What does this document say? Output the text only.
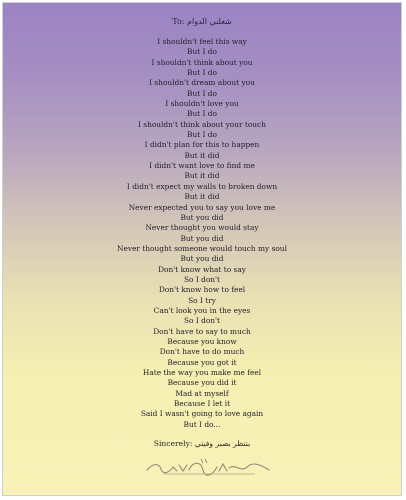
To: شغلني الدوام
I shouldn't feel this way
But I do
I shouldn't think about you
But I do
I shouldn't dream about you
But I do
I shouldn't love you
But I do
I shouldn't think about your touch
But I do
I didn't plan for this to happen
But it did
I didn't want love to find me
But it did
I didn't expect my walls to broken down
But it did
Never expected you to say you love me
But you did
Never thought you would stay
But you did
Never thought someone would touch my soul
But you did
Don't know what to say
So I don't
Don't know how to feel
So I try
Can't look you in the eyes
So I don't
Don't have to say to much
Because you know
Don't have to do much
Because you got it
Hate the way you make me feel
Because you did it
Mad at myself
Because I let it
Said I wasn't going to love again
But I do...
Sincerely: بنتظر بصبر وفيتي
